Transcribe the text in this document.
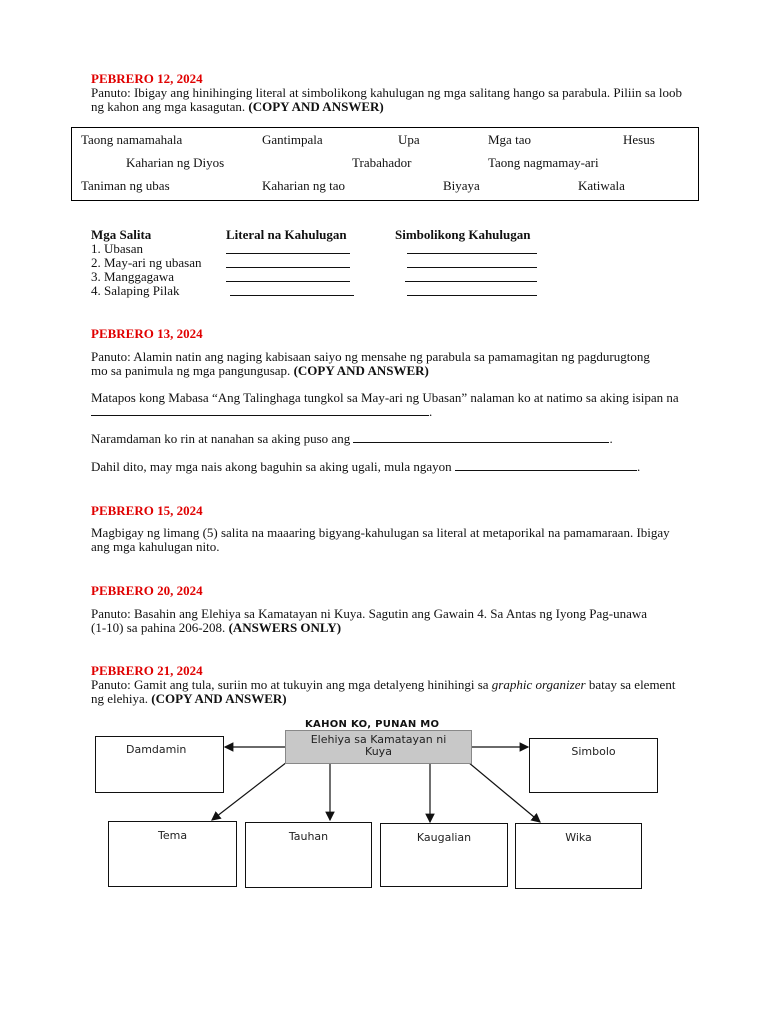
PEBRERO 12, 2024
Panuto: Ibigay ang hinihinging literal at simbolikong kahulugan ng mga salitang hango sa parabula. Piliin sa loob ng kahon ang mga kasagutan. (COPY AND ANSWER)
Taong namamahala	Gantimpala	Upa	Mga tao	Hesus
Kaharian ng Diyos	Trabahador	Taong nagmamay-ari
Taniman ng ubas	Kaharian ng tao	Biyaya	Katiwala
Mga Salita	Literal na Kahulugan	Simbolikong Kahulugan
1. Ubasan
2. May-ari ng ubasan
3. Manggagawa
4. Salaping Pilak
PEBRERO 13, 2024
Panuto: Alamin natin ang naging kabisaan saiyo ng mensahe ng parabula sa pamamagitan ng pagdurugtong mo sa panimula ng mga pangungusap. (COPY AND ANSWER)
Matapos kong Mabasa “Ang Talinghaga tungkol sa May-ari ng Ubasan” nalaman ko at natimo sa aking isipan na .
Naramdaman ko rin at nanahan sa aking puso ang	.
Dahil dito, may mga nais akong baguhin sa aking ugali, mula ngayon	.
PEBRERO 15, 2024
Magbigay ng limang (5) salita na maaaring bigyang-kahulugan sa literal at metaporikal na pamamaraan. Ibigay ang mga kahulugan nito.
PEBRERO 20, 2024
Panuto: Basahin ang Elehiya sa Kamatayan ni Kuya. Sagutin ang Gawain 4. Sa Antas ng Iyong Pag-unawa (1-10) sa pahina 206-208. (ANSWERS ONLY)
PEBRERO 21, 2024
Panuto: Gamit ang tula, suriin mo at tukuyin ang mga detalyeng hinihingi sa graphic organizer batay sa element ng elehiya. (COPY AND ANSWER)
KAHON KO, PUNAN MO
Elehiya sa Kamatayan ni
Kuya
Damdamin	Simbolo
Tema	Tauhan	Kaugalian	Wika
